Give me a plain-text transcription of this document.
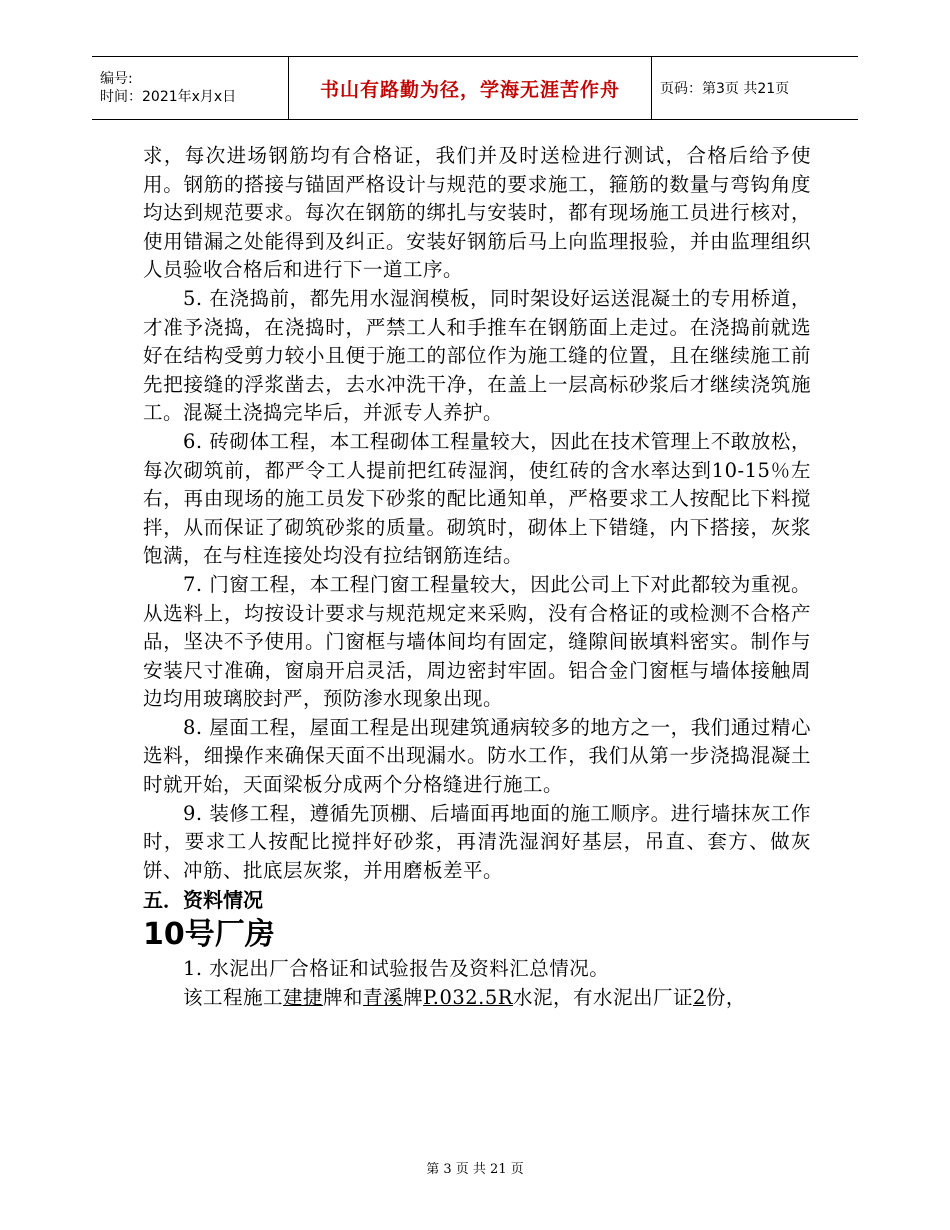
编号:
时间：2021年x月x日	书山有路勤为径，学海无涯苦作舟	页码：第3页 共21页

求，每次进场钢筋均有合格证，我们并及时送检进行测试，合格后给予使用。钢筋的搭接与锚固严格设计与规范的要求施工，箍筋的数量与弯钩角度均达到规范要求。每次在钢筋的绑扎与安装时，都有现场施工员进行核对，使用错漏之处能得到及纠正。安装好钢筋后马上向监理报验，并由监理组织人员验收合格后和进行下一道工序。

5. 在浇捣前，都先用水湿润模板，同时架设好运送混凝土的专用桥道，才准予浇捣，在浇捣时，严禁工人和手推车在钢筋面上走过。在浇捣前就选好在结构受剪力较小且便于施工的部位作为施工缝的位置，且在继续施工前先把接缝的浮浆凿去，去水冲洗干净，在盖上一层高标砂浆后才继续浇筑施工。混凝土浇捣完毕后，并派专人养护。

6. 砖砌体工程，本工程砌体工程量较大，因此在技术管理上不敢放松，每次砌筑前，都严令工人提前把红砖湿润，使红砖的含水率达到10-15％左右，再由现场的施工员发下砂浆的配比通知单，严格要求工人按配比下料搅拌，从而保证了砌筑砂浆的质量。砌筑时，砌体上下错缝，内下搭接，灰浆饱满，在与柱连接处均没有拉结钢筋连结。

7. 门窗工程，本工程门窗工程量较大，因此公司上下对此都较为重视。从选料上，均按设计要求与规范规定来采购，没有合格证的或检测不合格产品，坚决不予使用。门窗框与墙体间均有固定，缝隙间嵌填料密实。制作与安装尺寸准确，窗扇开启灵活，周边密封牢固。铝合金门窗框与墙体接触周边均用玻璃胶封严，预防渗水现象出现。

8. 屋面工程，屋面工程是出现建筑通病较多的地方之一，我们通过精心选料，细操作来确保天面不出现漏水。防水工作，我们从第一步浇捣混凝土时就开始，天面梁板分成两个分格缝进行施工。

9. 装修工程，遵循先顶棚、后墙面再地面的施工顺序。进行墙抹灰工作时，要求工人按配比搅拌好砂浆，再清洗湿润好基层，吊直、套方、做灰饼、冲筋、批底层灰浆，并用磨板差平。

五．资料情况

10号厂房

1. 水泥出厂合格证和试验报告及资料汇总情况。

该工程施工建捷牌和青溪牌P.032.5R水泥，有水泥出厂证2份，

第 3 页 共 21 页
